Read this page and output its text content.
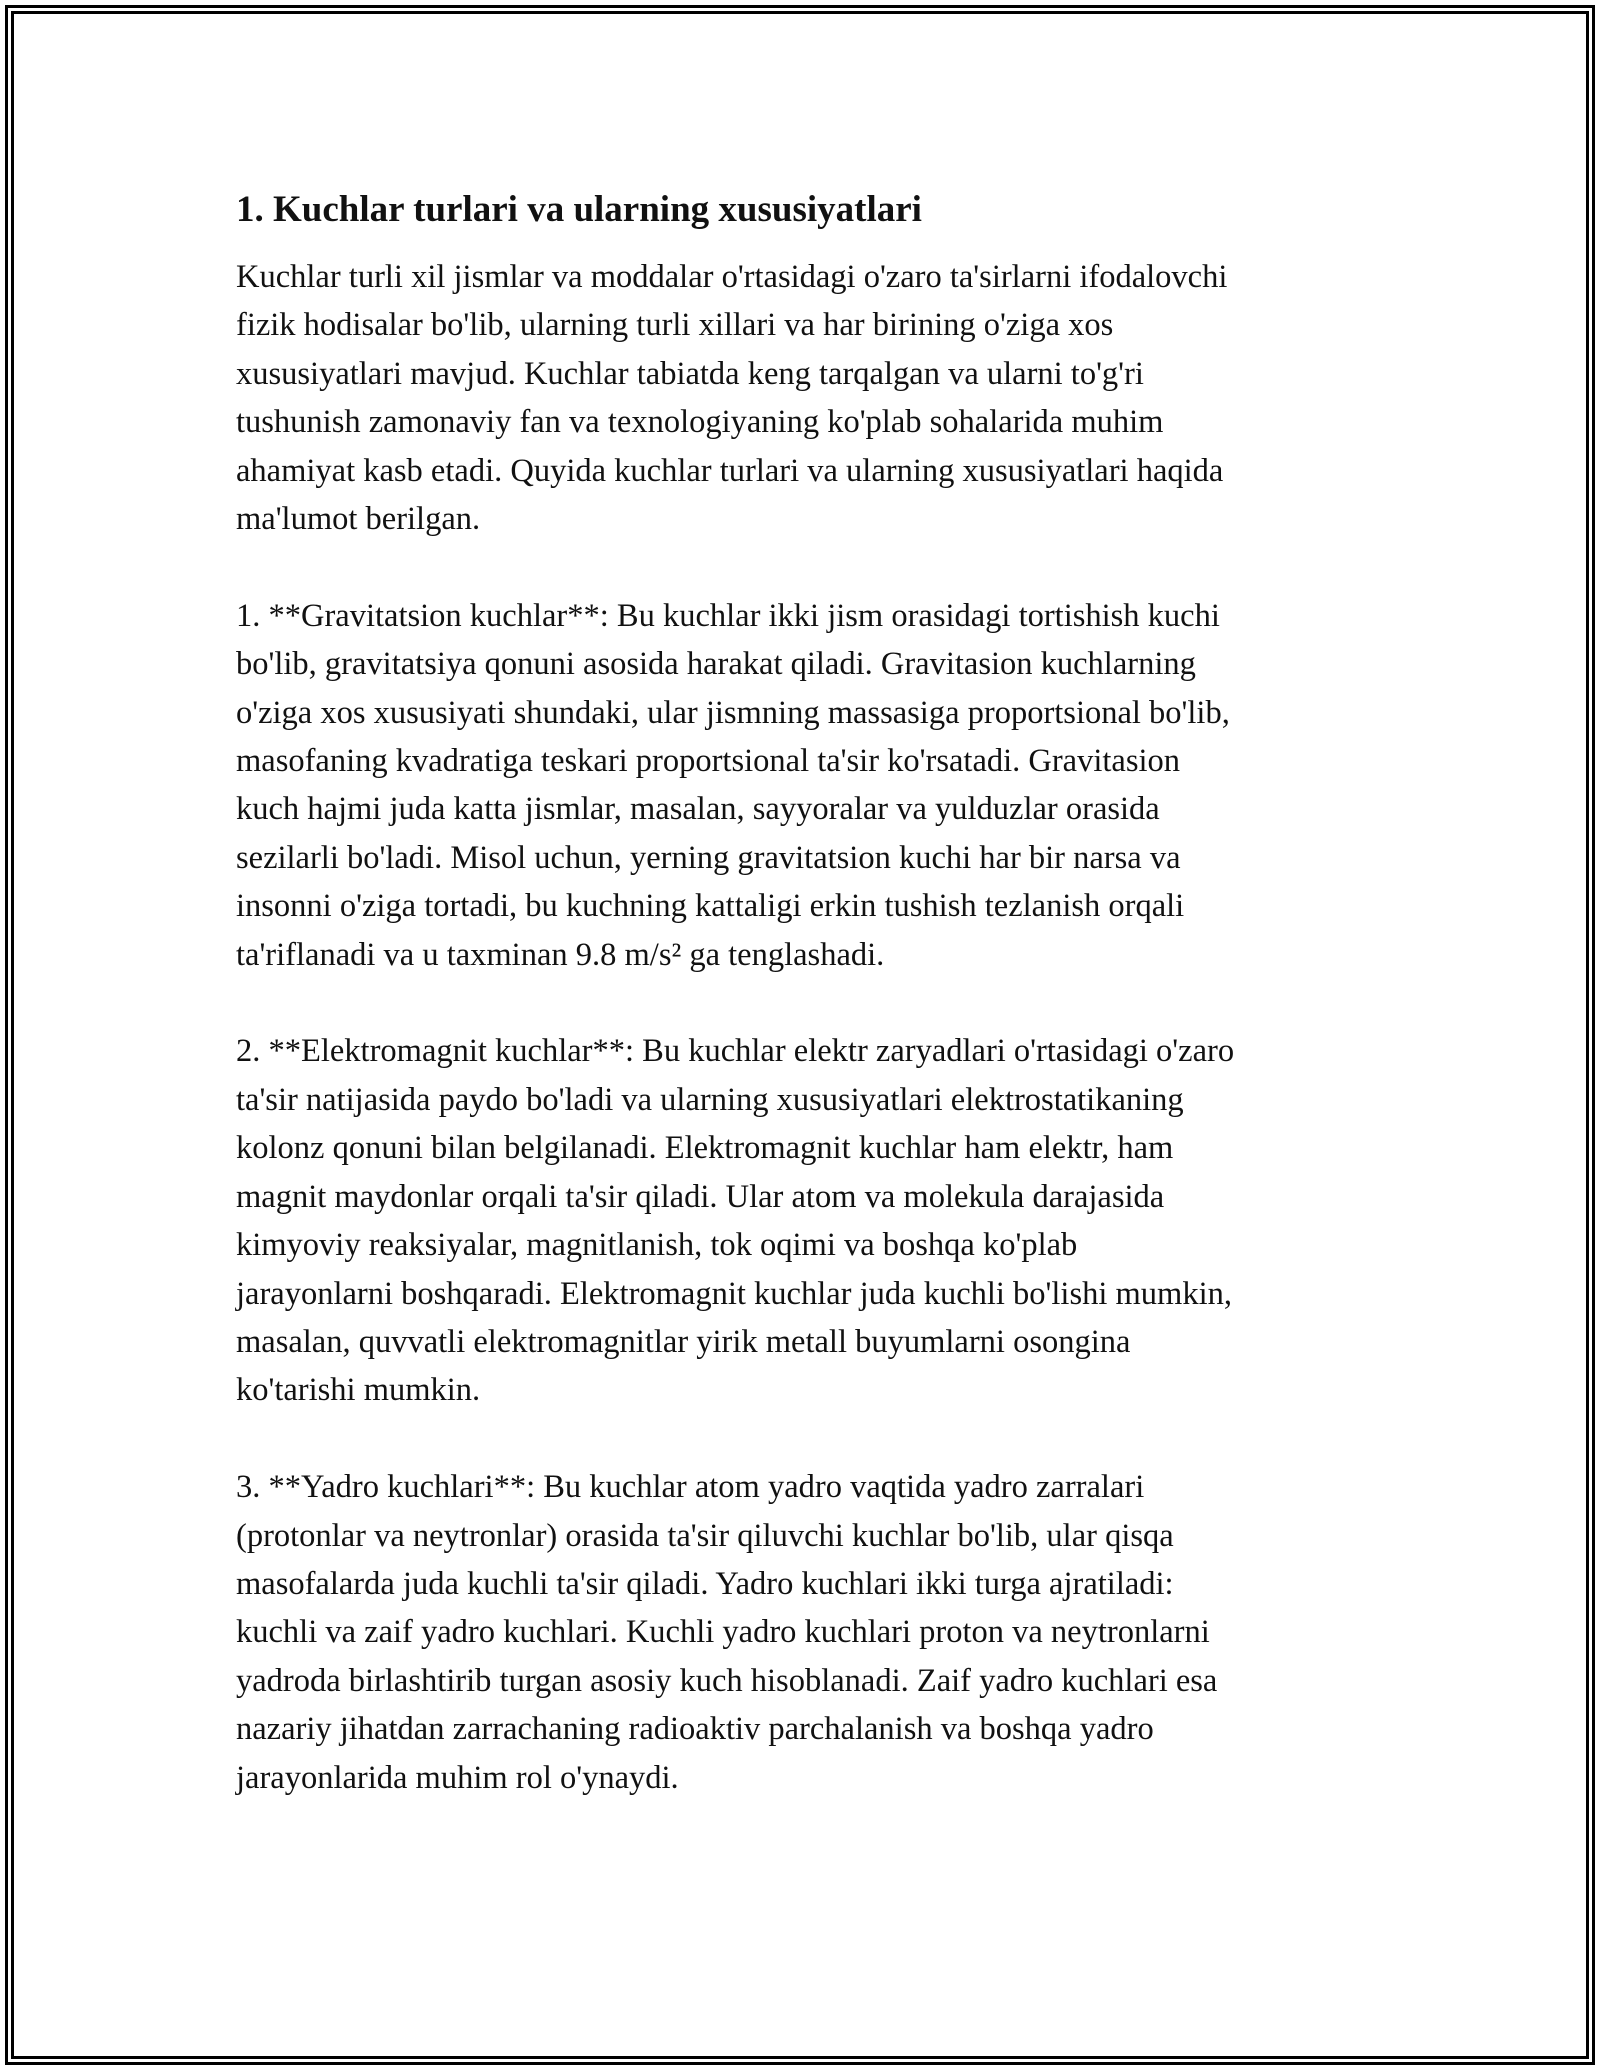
1. Kuchlar turlari va ularning xususiyatlari

Kuchlar turli xil jismlar va moddalar o'rtasidagi o'zaro ta'sirlarni ifodalovchi
fizik hodisalar bo'lib, ularning turli xillari va har birining o'ziga xos
xususiyatlari mavjud. Kuchlar tabiatda keng tarqalgan va ularni to'g'ri
tushunish zamonaviy fan va texnologiyaning ko'plab sohalarida muhim
ahamiyat kasb etadi. Quyida kuchlar turlari va ularning xususiyatlari haqida
ma'lumot berilgan.

1. **Gravitatsion kuchlar**: Bu kuchlar ikki jism orasidagi tortishish kuchi
bo'lib, gravitatsiya qonuni asosida harakat qiladi. Gravitasion kuchlarning
o'ziga xos xususiyati shundaki, ular jismning massasiga proportsional bo'lib,
masofaning kvadratiga teskari proportsional ta'sir ko'rsatadi. Gravitasion
kuch hajmi juda katta jismlar, masalan, sayyoralar va yulduzlar orasida
sezilarli bo'ladi. Misol uchun, yerning gravitatsion kuchi har bir narsa va
insonni o'ziga tortadi, bu kuchning kattaligi erkin tushish tezlanish orqali
ta'riflanadi va u taxminan 9.8 m/s² ga tenglashadi.

2. **Elektromagnit kuchlar**: Bu kuchlar elektr zaryadlari o'rtasidagi o'zaro
ta'sir natijasida paydo bo'ladi va ularning xususiyatlari elektrostatikaning
kolonz qonuni bilan belgilanadi. Elektromagnit kuchlar ham elektr, ham
magnit maydonlar orqali ta'sir qiladi. Ular atom va molekula darajasida
kimyoviy reaksiyalar, magnitlanish, tok oqimi va boshqa ko'plab
jarayonlarni boshqaradi. Elektromagnit kuchlar juda kuchli bo'lishi mumkin,
masalan, quvvatli elektromagnitlar yirik metall buyumlarni osongina
ko'tarishi mumkin.

3. **Yadro kuchlari**: Bu kuchlar atom yadro vaqtida yadro zarralari
(protonlar va neytronlar) orasida ta'sir qiluvchi kuchlar bo'lib, ular qisqa
masofalarda juda kuchli ta'sir qiladi. Yadro kuchlari ikki turga ajratiladi:
kuchli va zaif yadro kuchlari. Kuchli yadro kuchlari proton va neytronlarni
yadroda birlashtirib turgan asosiy kuch hisoblanadi. Zaif yadro kuchlari esa
nazariy jihatdan zarrachaning radioaktiv parchalanish va boshqa yadro
jarayonlarida muhim rol o'ynaydi.
